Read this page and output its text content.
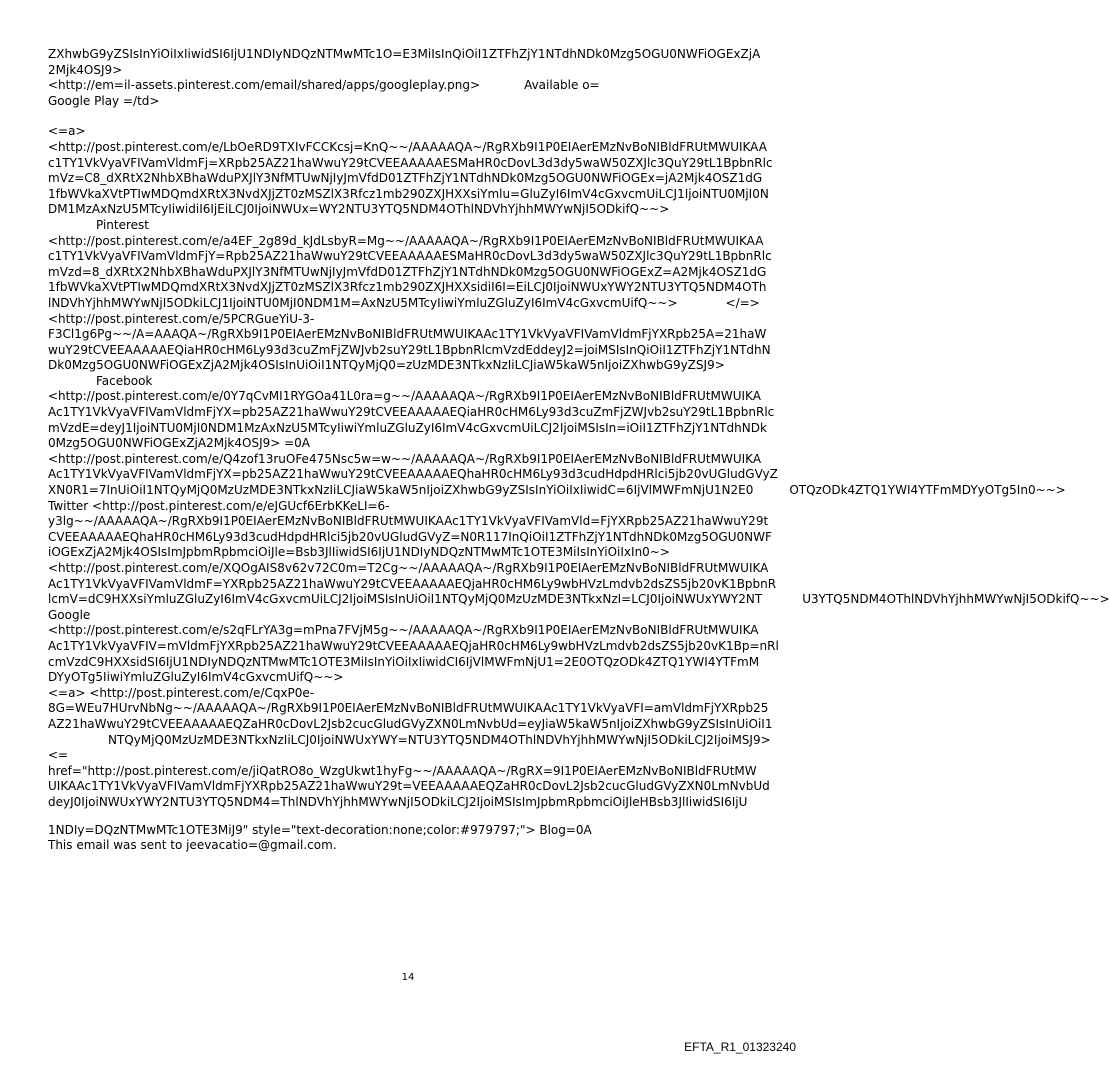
ZXhwbG9yZSIsInYiOiIxIiwidSI6IjU1NDIyNDQzNTMwMTc1O=E3MiIsInQiOiI1ZTFhZjY1NTdhNDk0Mzg5OGU0NWFiOGExZjA
2Mjk4OSJ9>
<http://em=il-assets.pinterest.com/email/shared/apps/googleplay.png>	Available o=
Google Play =/td>
<=a>
<http://post.pinterest.com/e/LbOeRD9TXIvFCCKcsj=KnQ~~/AAAAAQA~/RgRXb9I1P0EIAerEMzNvBoNIBldFRUtMWUIKAA
c1TY1VkVyaVFIVamVldmFj=XRpb25AZ21haWwuY29tCVEEAAAAAESMaHR0cDovL3d3dy5waW50ZXJlc3QuY29tL1BpbnRlc
mVz=C8_dXRtX2NhbXBhaWduPXJlY3NfMTUwNjIyJmVfdD01ZTFhZjY1NTdhNDk0Mzg5OGU0NWFiOGEx=jA2Mjk4OSZ1dG
1fbWVkaXVtPTIwMDQmdXRtX3NvdXJjZT0zMSZlX3Rfcz1mb290ZXJHXXsiYmlu=GluZyI6ImV4cGxvcmUiLCJ1IjoiNTU0MjI0N
DM1MzAxNzU5MTcyIiwidiI6IjEiLCJ0IjoiNWUx=WY2NTU3YTQ5NDM4OThlNDVhYjhhMWYwNjI5ODkifQ~~>
Pinterest
<http://post.pinterest.com/e/a4EF_2g89d_kJdLsbyR=Mg~~/AAAAAQA~/RgRXb9I1P0EIAerEMzNvBoNIBldFRUtMWUIKAA
c1TY1VkVyaVFIVamVldmFjY=Rpb25AZ21haWwuY29tCVEEAAAAAESMaHR0cDovL3d3dy5waW50ZXJlc3QuY29tL1BpbnRlc
mVzd=8_dXRtX2NhbXBhaWduPXJlY3NfMTUwNjIyJmVfdD01ZTFhZjY1NTdhNDk0Mzg5OGU0NWFiOGExZ=A2Mjk4OSZ1dG
1fbWVkaXVtPTIwMDQmdXRtX3NvdXJjZT0zMSZlX3Rfcz1mb290ZXJHXXsidiI6I=EiLCJ0IjoiNWUxYWY2NTU3YTQ5NDM4OTh
lNDVhYjhhMWYwNjI5ODkiLCJ1IjoiNTU0MjI0NDM1M=AxNzU5MTcyIiwiYmluZGluZyI6ImV4cGxvcmUifQ~~>	</=>
<http://post.pinterest.com/e/5PCRGueYiU-3-
F3Cl1g6Pg~~/A=AAAQA~/RgRXb9I1P0EIAerEMzNvBoNIBldFRUtMWUIKAAc1TY1VkVyaVFIVamVldmFjYXRpb25A=21haW
wuY29tCVEEAAAAAEQiaHR0cHM6Ly93d3cuZmFjZWJvb2suY29tL1BpbnRlcmVzdEddeyJ2=joiMSIsInQiOiI1ZTFhZjY1NTdhN
Dk0Mzg5OGU0NWFiOGExZjA2Mjk4OSIsInUiOiI1NTQyMjQ0=zUzMDE3NTkxNzIiLCJiaW5kaW5nIjoiZXhwbG9yZSJ9>
Facebook
<http://post.pinterest.com/e/0Y7qCvMI1RYGOa41L0ra=g~~/AAAAAQA~/RgRXb9I1P0EIAerEMzNvBoNIBldFRUtMWUIKA
Ac1TY1VkVyaVFIVamVldmFjYX=pb25AZ21haWwuY29tCVEEAAAAAEQiaHR0cHM6Ly93d3cuZmFjZWJvb2suY29tL1BpbnRlc
mVzdE=deyJ1IjoiNTU0MjI0NDM1MzAxNzU5MTcyIiwiYmluZGluZyI6ImV4cGxvcmUiLCJ2IjoiMSIsIn=iOiI1ZTFhZjY1NTdhNDk
0Mzg5OGU0NWFiOGExZjA2Mjk4OSJ9> =0A
<http://post.pinterest.com/e/Q4zof13ruOFe475Nsc5w=w~~/AAAAAQA~/RgRXb9I1P0EIAerEMzNvBoNIBldFRUtMWUIKA
Ac1TY1VkVyaVFIVamVldmFjYX=pb25AZ21haWwuY29tCVEEAAAAAEQhaHR0cHM6Ly93d3cudHdpdHRlci5jb20vUGludGVyZ
XN0R1=7InUiOiI1NTQyMjQ0MzUzMDE3NTkxNzIiLCJiaW5kaW5nIjoiZXhwbG9yZSIsInYiOiIxIiwidC=6IjVlMWFmNjU1N2E0	OTQzODk4ZTQ1YWI4YTFmMDYyOTg5In0~~>
Twitter <http://post.pinterest.com/e/eJGUcf6ErbKKeLI=6-
y3lg~~/AAAAAQA~/RgRXb9I1P0EIAerEMzNvBoNIBldFRUtMWUIKAAc1TY1VkVyaVFIVamVld=FjYXRpb25AZ21haWwuY29t
CVEEAAAAAEQhaHR0cHM6Ly93d3cudHdpdHRlci5jb20vUGludGVyZ=N0R117InQiOiI1ZTFhZjY1NTdhNDk0Mzg5OGU0NWF
iOGExZjA2Mjk4OSIsImJpbmRpbmciOiJle=Bsb3JlIiwidSI6IjU1NDIyNDQzNTMwMTc1OTE3MiIsInYiOiIxIn0~>
<http://post.pinterest.com/e/XQOgAIS8v62v72C0m=T2Cg~~/AAAAAQA~/RgRXb9I1P0EIAerEMzNvBoNIBldFRUtMWUIKA
Ac1TY1VkVyaVFIVamVldmF=YXRpb25AZ21haWwuY29tCVEEAAAAAEQjaHR0cHM6Ly9wbHVzLmdvb2dsZS5jb20vK1BpbnR
lcmV=dC9HXXsiYmluZGluZyI6ImV4cGxvcmUiLCJ2IjoiMSIsInUiOiI1NTQyMjQ0MzUzMDE3NTkxNzI=LCJ0IjoiNWUxYWY2NT	U3YTQ5NDM4OThlNDVhYjhhMWYwNjI5ODkifQ~~>
Google
<http://post.pinterest.com/e/s2qFLrYA3g=mPna7FVjM5g~~/AAAAAQA~/RgRXb9I1P0EIAerEMzNvBoNIBldFRUtMWUIKA
Ac1TY1VkVyaVFIV=mVldmFjYXRpb25AZ21haWwuY29tCVEEAAAAAEQjaHR0cHM6Ly9wbHVzLmdvb2dsZS5jb20vK1Bp=nRl
cmVzdC9HXXsidSI6IjU1NDIyNDQzNTMwMTc1OTE3MiIsInYiOiIxIiwidCI6IjVlMWFmNjU1=2E0OTQzODk4ZTQ1YWI4YTFmM
DYyOTg5IiwiYmluZGluZyI6ImV4cGxvcmUifQ~~>
<=a> <http://post.pinterest.com/e/CqxP0e-
8G=WEu7HUrvNbNg~~/AAAAAQA~/RgRXb9I1P0EIAerEMzNvBoNIBldFRUtMWUIKAAc1TY1VkVyaVFI=amVldmFjYXRpb25
AZ21haWwuY29tCVEEAAAAAEQZaHR0cDovL2Jsb2cucGludGVyZXN0LmNvbUd=eyJiaW5kaW5nIjoiZXhwbG9yZSIsInUiOiI1
NTQyMjQ0MzUzMDE3NTkxNzIiLCJ0IjoiNWUxYWY=NTU3YTQ5NDM4OThlNDVhYjhhMWYwNjI5ODkiLCJ2IjoiMSJ9>
<=
href="http://post.pinterest.com/e/jiQatRO8o_WzgUkwt1hyFg~~/AAAAAQA~/RgRX=9I1P0EIAerEMzNvBoNIBldFRUtMW
UIKAAc1TY1VkVyaVFIVamVldmFjYXRpb25AZ21haWwuY29t=VEEAAAAAEQZaHR0cDovL2Jsb2cucGludGVyZXN0LmNvbUd
deyJ0IjoiNWUxYWY2NTU3YTQ5NDM4=ThlNDVhYjhhMWYwNjI5ODkiLCJ2IjoiMSIsImJpbmRpbmciOiJleHBsb3JlIiwidSI6IjU
1NDIy=DQzNTMwMTc1OTE3MiJ9" style="text-decoration:none;color:#979797;"> Blog=0A
This email was sent to jeevacatio=@gmail.com.
14
EFTA_R1_01323240
